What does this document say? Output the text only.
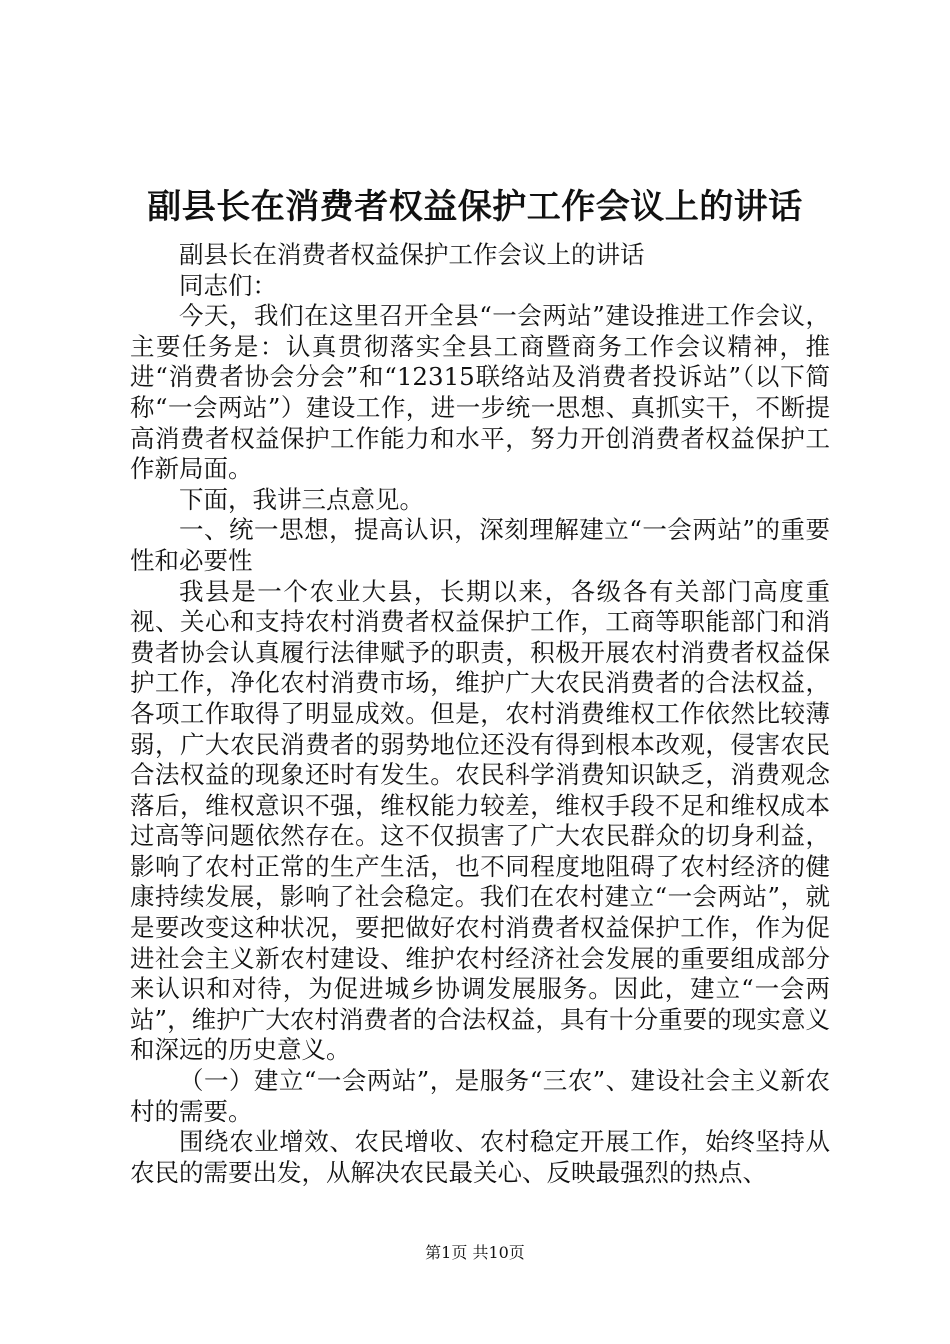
副县长在消费者权益保护工作会议上的讲话

副县长在消费者权益保护工作会议上的讲话

同志们：

今天，我们在这里召开全县“一会两站”建设推进工作会议，主要任务是：认真贯彻落实全县工商暨商务工作会议精神，推进“消费者协会分会”和“12315联络站及消费者投诉站”（以下简称“一会两站”）建设工作，进一步统一思想、真抓实干，不断提高消费者权益保护工作能力和水平，努力开创消费者权益保护工作新局面。

下面，我讲三点意见。

一、统一思想，提高认识，深刻理解建立“一会两站”的重要性和必要性

我县是一个农业大县，长期以来，各级各有关部门高度重视、关心和支持农村消费者权益保护工作，工商等职能部门和消费者协会认真履行法律赋予的职责，积极开展农村消费者权益保护工作，净化农村消费市场，维护广大农民消费者的合法权益，各项工作取得了明显成效。但是，农村消费维权工作依然比较薄弱，广大农民消费者的弱势地位还没有得到根本改观，侵害农民合法权益的现象还时有发生。农民科学消费知识缺乏，消费观念落后，维权意识不强，维权能力较差，维权手段不足和维权成本过高等问题依然存在。这不仅损害了广大农民群众的切身利益，影响了农村正常的生产生活，也不同程度地阻碍了农村经济的健康持续发展，影响了社会稳定。我们在农村建立“一会两站”，就是要改变这种状况，要把做好农村消费者权益保护工作，作为促进社会主义新农村建设、维护农村经济社会发展的重要组成部分来认识和对待，为促进城乡协调发展服务。因此，建立“一会两站”，维护广大农村消费者的合法权益，具有十分重要的现实意义和深远的历史意义。

（一）建立“一会两站”，是服务“三农”、建设社会主义新农村的需要。

围绕农业增效、农民增收、农村稳定开展工作，始终坚持从农民的需要出发，从解决农民最关心、反映最强烈的热点、

第1页 共10页
